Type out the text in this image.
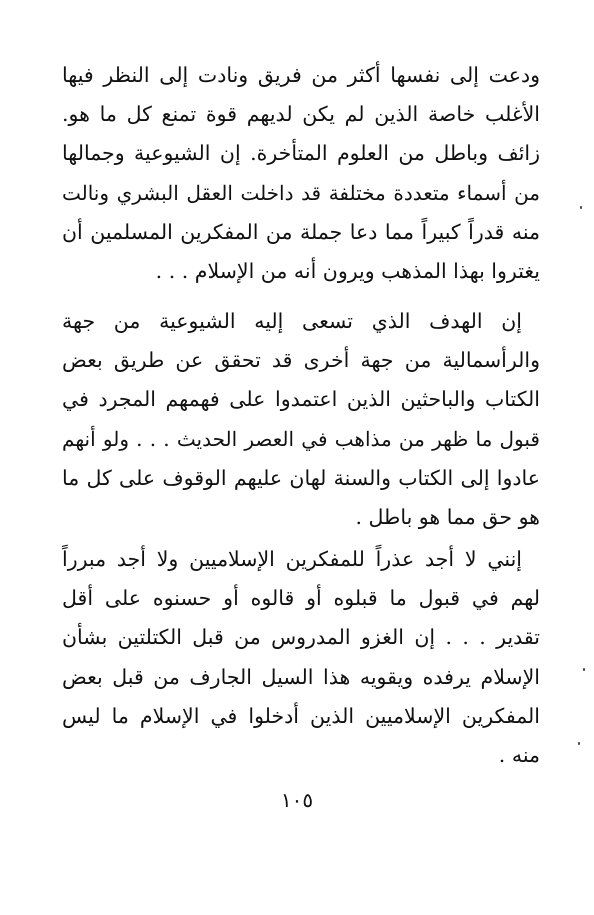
ودعت إلى نفسها أكثر من فريق ونادت إلى النظر فيها
الأغلب خاصة الذين لم يكن لديهم قوة تمنع كل ما هو.
زائف وباطل من العلوم المتأخرة. إن الشيوعية وجمالها
من أسماء متعددة مختلفة قد داخلت العقل البشري ونالت
منه قدراً كبيراً مما دعا جملة من المفكرين المسلمين أن
يغتروا بهذا المذهب ويرون أنه من الإسلام . . .
إن الهدف الذي تسعى إليه الشيوعية من جهة
والرأسمالية من جهة أخرى قد تحقق عن طريق بعض
الكتاب والباحثين الذين اعتمدوا على فهمهم المجرد في
قبول ما ظهر من مذاهب في العصر الحديث . . . ولو أنهم
عادوا إلى الكتاب والسنة لهان عليهم الوقوف على كل ما
هو حق مما هو باطل .
إنني لا أجد عذراً للمفكرين الإسلاميين ولا أجد مبرراً
لهم في قبول ما قبلوه أو قالوه أو حسنوه على أقل
تقدير . . . إن الغزو المدروس من قبل الكتلتين بشأن
الإسلام يرفده ويقويه هذا السيل الجارف من قبل بعض
المفكرين الإسلاميين الذين أدخلوا في الإسلام ما ليس
منه .
١٠٥
